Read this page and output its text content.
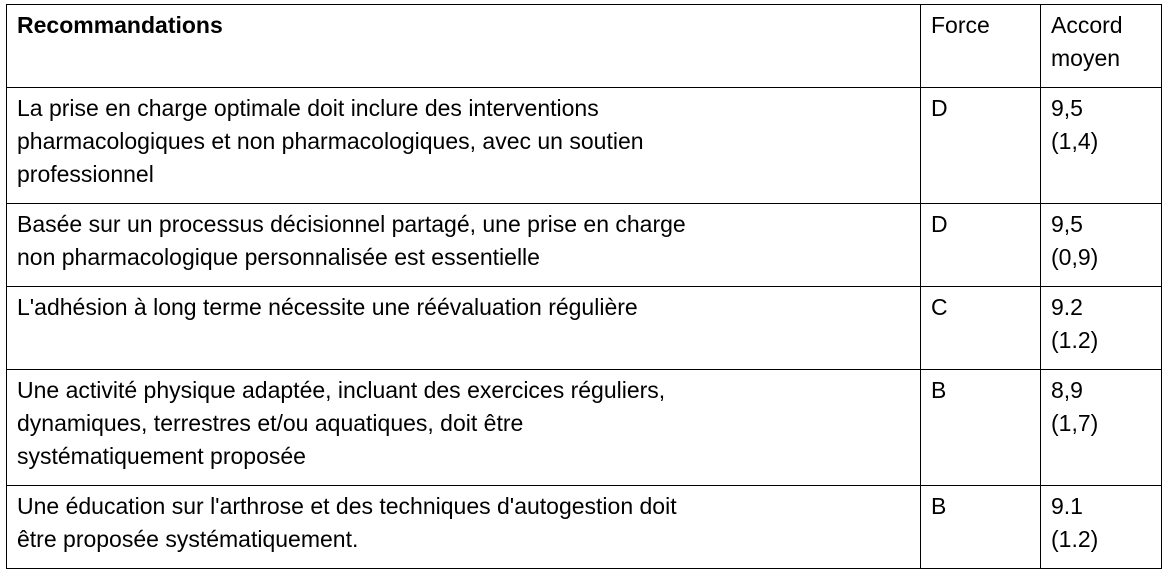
Recommandations	Force	Accord
moyen

La prise en charge optimale doit inclure des interventions
pharmacologiques et non pharmacologiques, avec un soutien
professionnel	D	9,5
(1,4)

Basée sur un processus décisionnel partagé, une prise en charge
non pharmacologique personnalisée est essentielle	D	9,5
(0,9)

L'adhésion à long terme nécessite une réévaluation régulière	C	9.2
(1.2)

Une activité physique adaptée, incluant des exercices réguliers,
dynamiques, terrestres et/ou aquatiques, doit être
systématiquement proposée	B	8,9
(1,7)

Une éducation sur l'arthrose et des techniques d'autogestion doit
être proposée systématiquement.	B	9.1
(1.2)
